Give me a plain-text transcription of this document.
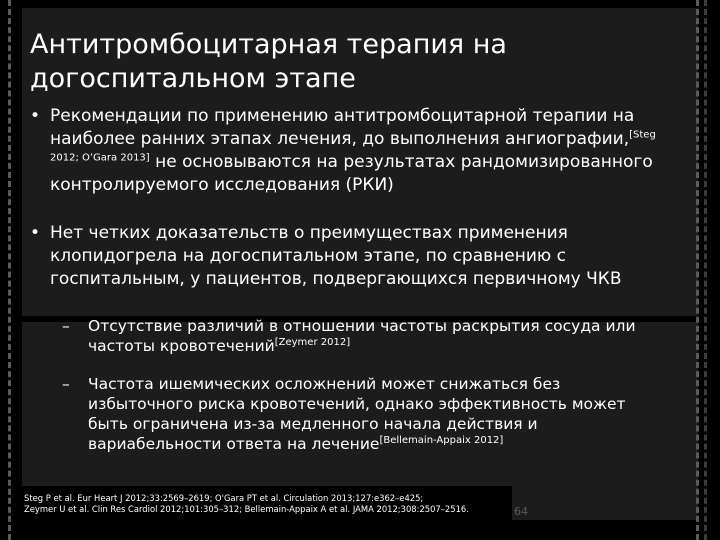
Антитромбоцитарная терапия на догоспитальном этапе
• Рекомендации по применению антитромбоцитарной терапии на наиболее ранних этапах лечения, до выполнения ангиографии,[Steg 2012; O’Gara 2013] не основываются на результатах рандомизированного контролируемого исследования (РКИ)
• Нет четких доказательств о преимуществах применения клопидогрела на догоспитальном этапе, по сравнению с госпитальным, у пациентов, подвергающихся первичному ЧКВ
–	Отсутствие различий в отношении частоты раскрытия сосуда или частоты кровотечений[Zeymer 2012]
–	Частота ишемических осложнений может снижаться без избыточного риска кровотечений, однако эффективность может быть ограничена из-за медленного начала действия и вариабельности ответа на лечение[Bellemain-Appaix 2012]
Steg P et al. Eur Heart J 2012;33:2569–2619; O'Gara PT et al. Circulation 2013;127:e362–e425;
Zeymer U et al. Clin Res Cardiol 2012;101:305–312; Bellemain-Appaix A et al. JAMA 2012;308:2507–2516.	64
